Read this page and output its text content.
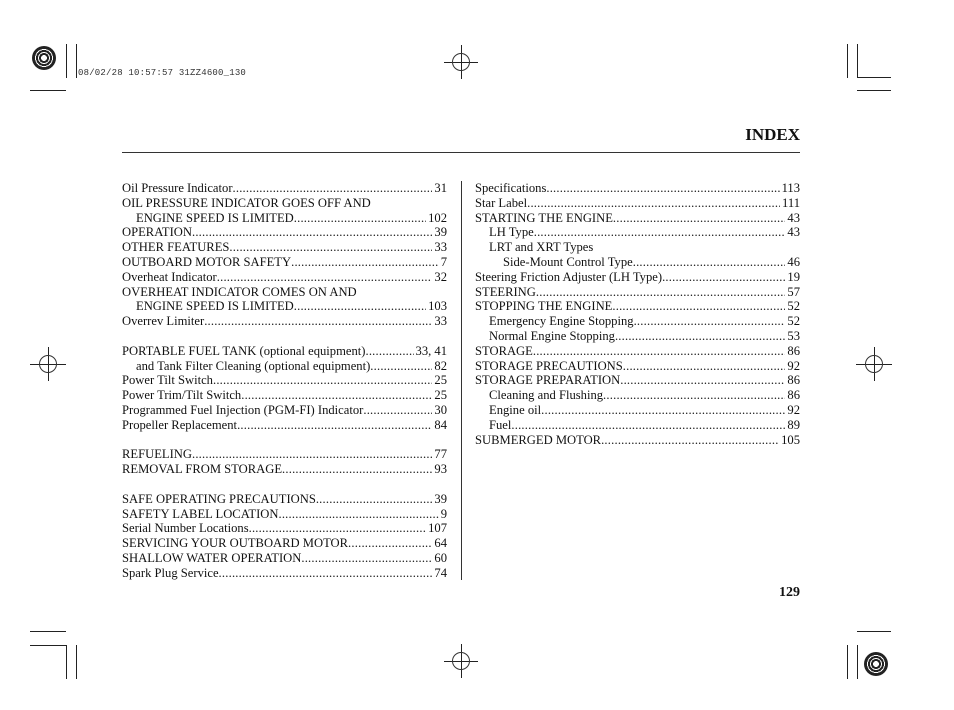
08/02/28 10:57:57 31ZZ4600_130
INDEX
Oil Pressure Indicator .....	31
OIL PRESSURE INDICATOR GOES OFF AND
ENGINE SPEED IS LIMITED .....	102
OPERATION .....	39
OTHER FEATURES .....	33
OUTBOARD MOTOR SAFETY .....	7
Overheat Indicator .....	32
OVERHEAT INDICATOR COMES ON AND
ENGINE SPEED IS LIMITED .....	103
Overrev Limiter .....	33
PORTABLE FUEL TANK (optional equipment) .....	33, 41
and Tank Filter Cleaning (optional equipment) .....	82
Power Tilt Switch .....	25
Power Trim/Tilt Switch .....	25
Programmed Fuel Injection (PGM-FI) Indicator .....	30
Propeller Replacement .....	84
REFUELING .....	77
REMOVAL FROM STORAGE .....	93
SAFE OPERATING PRECAUTIONS .....	39
SAFETY LABEL LOCATION .....	9
Serial Number Locations .....	107
SERVICING YOUR OUTBOARD MOTOR .....	64
SHALLOW WATER OPERATION .....	60
Spark Plug Service .....	74
Specifications .....	113
Star Label .....	111
STARTING THE ENGINE .....	43
LH Type .....	43
LRT and XRT Types
Side-Mount Control Type .....	46
Steering Friction Adjuster (LH Type) .....	19
STEERING .....	57
STOPPING THE ENGINE .....	52
Emergency Engine Stopping .....	52
Normal Engine Stopping .....	53
STORAGE .....	86
STORAGE PRECAUTIONS .....	92
STORAGE PREPARATION .....	86
Cleaning and Flushing .....	86
Engine oil .....	92
Fuel .....	89
SUBMERGED MOTOR .....	105
129
